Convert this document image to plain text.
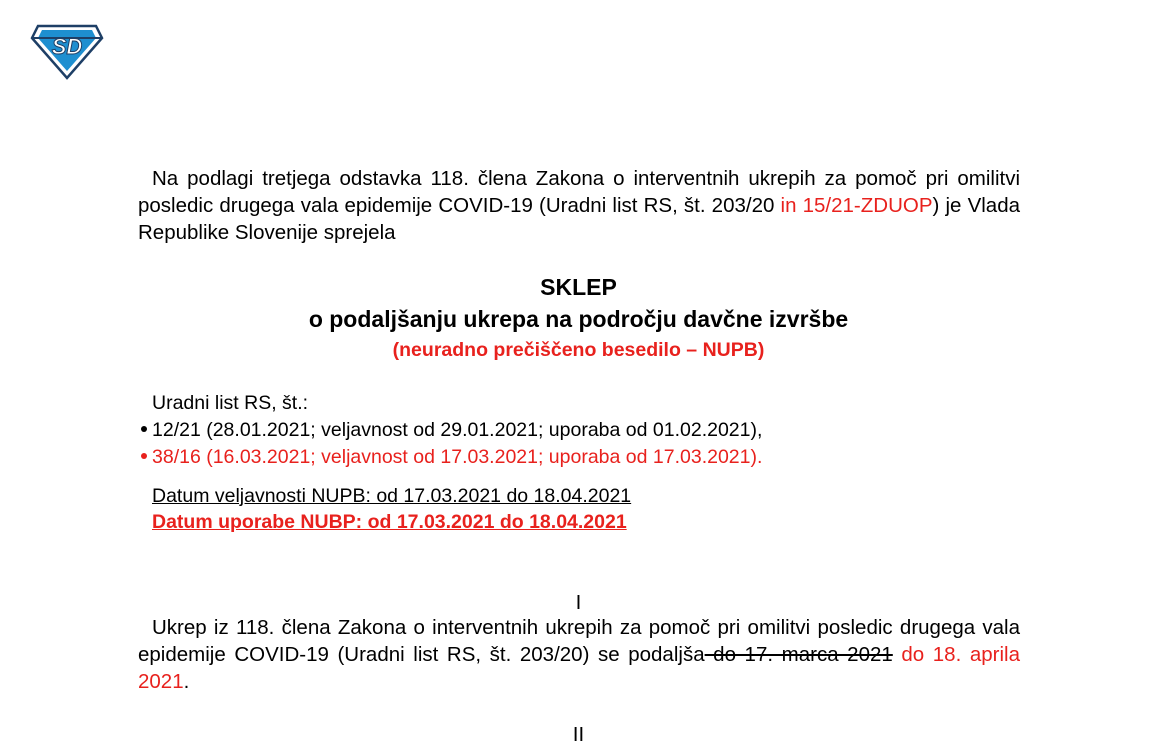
SD
Na podlagi tretjega odstavka 118. člena Zakona o interventnih ukrepih za pomoč pri omilitvi posledic drugega vala epidemije COVID-19 (Uradni list RS, št. 203/20 in 15/21-ZDUOP) je Vlada Republike Slovenije sprejela
SKLEP
o podaljšanju ukrepa na področju davčne izvršbe
(neuradno prečiščeno besedilo – NUPB)
Uradni list RS, št.:
12/21 (28.01.2021; veljavnost od 29.01.2021; uporaba od 01.02.2021),
38/16 (16.03.2021; veljavnost od 17.03.2021; uporaba od 17.03.2021).
Datum veljavnosti NUPB: od 17.03.2021 do 18.04.2021
Datum uporabe NUBP: od 17.03.2021 do 18.04.2021
I
Ukrep iz 118. člena Zakona o interventnih ukrepih za pomoč pri omilitvi posledic drugega vala epidemije COVID-19 (Uradni list RS, št. 203/20) se podaljša do 17. marca 2021 do 18. aprila 2021.
II
